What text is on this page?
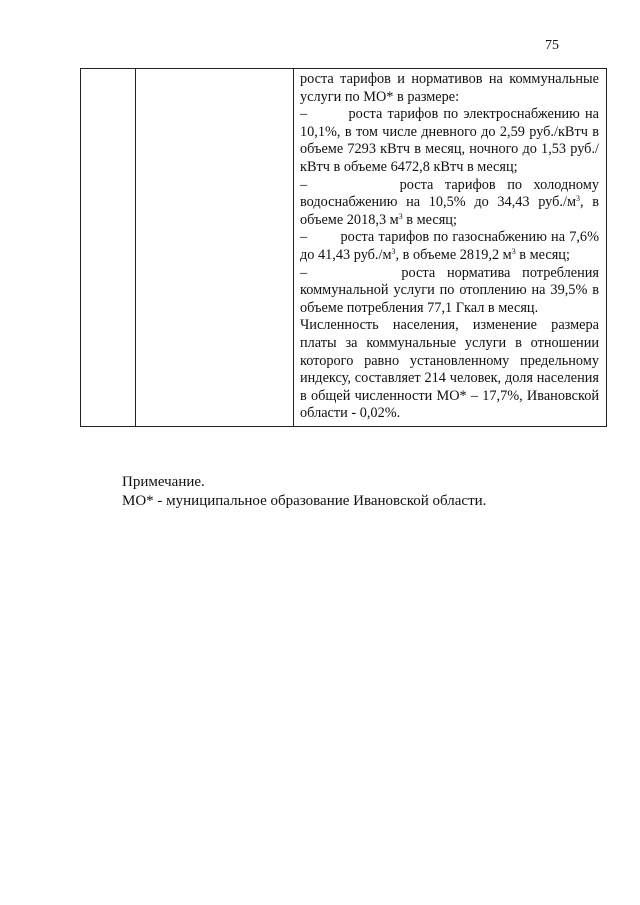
75

роста тарифов и нормативов на коммунальные услуги по МО* в размере:
–        роста тарифов по электроснабжению на 10,1%, в том числе дневного до 2,59 руб./кВтч в объеме 7293 кВтч в месяц, ночного до 1,53 руб./кВтч в объеме 6472,8 кВтч в месяц;
–        роста тарифов по холодному водоснабжению на 10,5% до 34,43 $руб./м^3$, в объеме 2018,3 $м^3$ в месяц;
–        роста тарифов по газоснабжению на 7,6% до 41,43 $руб./м^3$, в объеме 2819,2 $м^3$ в месяц;
–        роста норматива потребления коммунальной услуги по отоплению на 39,5% в объеме потребления 77,1 Гкал в месяц.
Численность населения, изменение размера платы за коммунальные услуги в отношении которого равно установленному предельному индексу, составляет 214 человек, доля населения в общей численности МО* – 17,7%, Ивановской области - 0,02%.
Примечание.
МО* - муниципальное образование Ивановской области.
